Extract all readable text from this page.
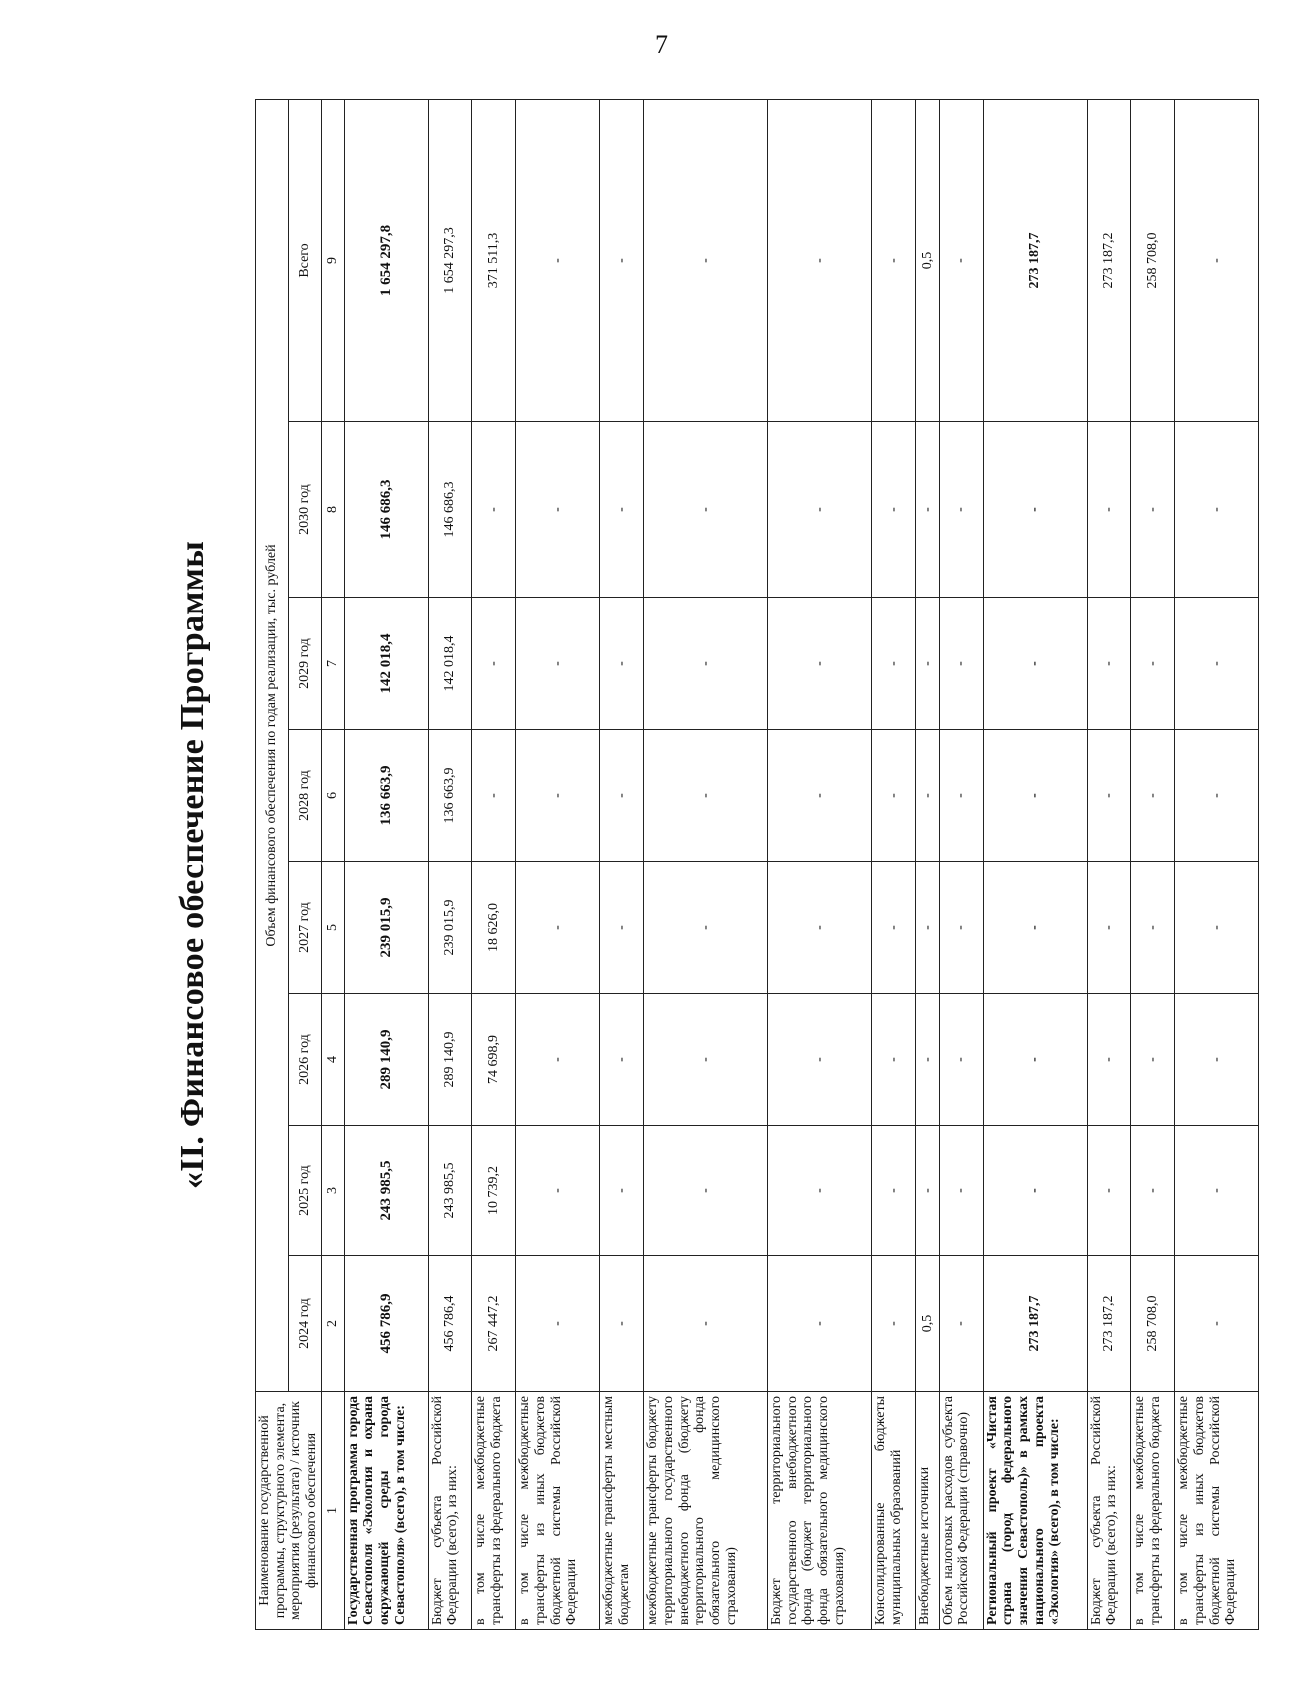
7
«II. Финансовое обеспечение Программы
Наименование государственной программы, структурного элемента, мероприятия (результата) / источник финансового обеспечения	Объем финансового обеспечения по годам реализации, тыс. рублей							
	2024 год	2025 год	2026 год	2027 год	2028 год	2029 год	2030 год	Всего
1	2	3	4	5	6	7	8	9
Государственная программа города Севастополя «Экология и охрана окружающей среды города Севастополя» (всего), в том числе:	456 786,9	243 985,5	289 140,9	239 015,9	136 663,9	142 018,4	146 686,3	1 654 297,8
Бюджет субъекта Российской Федерации (всего), из них:	456 786,4	243 985,5	289 140,9	239 015,9	136 663,9	142 018,4	146 686,3	1 654 297,3
в том числе межбюджетные трансферты из федерального бюджета	267 447,2	10 739,2	74 698,9	18 626,0	-	-	-	371 511,3
в том числе межбюджетные трансферты из иных бюджетов бюджетной системы Российской Федерации	-	-	-	-	-	-	-	-
межбюджетные трансферты местным бюджетам	-	-	-	-	-	-	-	-
межбюджетные трансферты бюджету территориального государственного внебюджетного фонда (бюджету территориального фонда обязательного медицинского страхования)	-	-	-	-	-	-	-	-
Бюджет территориального государственного внебюджетного фонда (бюджет территориального фонда обязательного медицинского страхования)	-	-	-	-	-	-	-	-
Консолидированные бюджеты муниципальных образований	-	-	-	-	-	-	-	-
Внебюджетные источники	0,5	-	-	-	-	-	-	0,5
Объем налоговых расходов субъекта Российской Федерации (справочно)	-	-	-	-	-	-	-	-
Региональный проект «Чистая страна (город федерального значения Севастополь)» в рамках национального проекта «Экология» (всего), в том числе:	273 187,7	-	-	-	-	-	-	273 187,7
Бюджет субъекта Российской Федерации (всего), из них:	273 187,2	-	-	-	-	-	-	273 187,2
в том числе межбюджетные трансферты из федерального бюджета	258 708,0	-	-	-	-	-	-	258 708,0
в том числе межбюджетные трансферты из иных бюджетов бюджетной системы Российской Федерации	-	-	-	-	-	-	-	-
